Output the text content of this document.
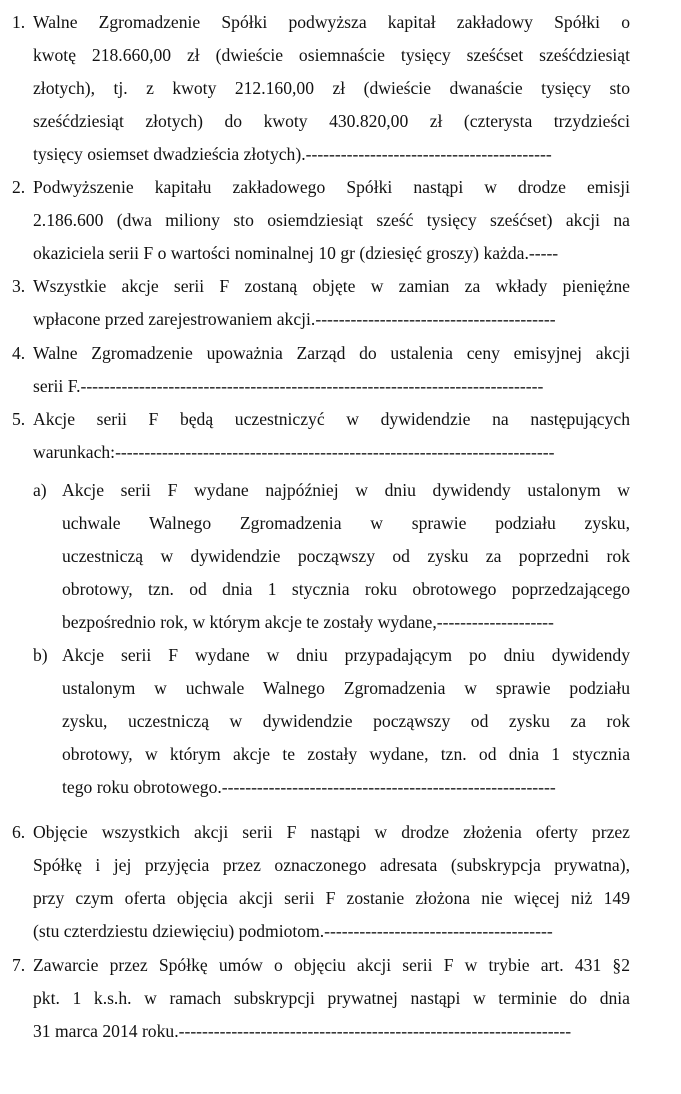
1. Walne Zgromadzenie Spółki podwyższa kapitał zakładowy Spółki o
kwotę 218.660,00 zł (dwieście osiemnaście tysięcy sześćset sześćdziesiąt
złotych), tj. z kwoty 212.160,00 zł (dwieście dwanaście tysięcy sto
sześćdziesiąt złotych) do kwoty 430.820,00 zł (czterysta trzydzieści
tysięcy osiemset dwadzieścia złotych).------------------------------------------
2. Podwyższenie kapitału zakładowego Spółki nastąpi w drodze emisji
2.186.600 (dwa miliony sto osiemdziesiąt sześć tysięcy sześćset) akcji na
okaziciela serii F o wartości nominalnej 10 gr (dziesięć groszy) każda.-----
3. Wszystkie akcje serii F zostaną objęte w zamian za wkłady pieniężne
wpłacone przed zarejestrowaniem akcji.-----------------------------------------
4. Walne Zgromadzenie upoważnia Zarząd do ustalenia ceny emisyjnej akcji
serii F.-------------------------------------------------------------------------------
5. Akcje serii F będą uczestniczyć w dywidendzie na następujących
warunkach:---------------------------------------------------------------------------
a) Akcje serii F wydane najpóźniej w dniu dywidendy ustalonym w
uchwale Walnego Zgromadzenia w sprawie podziału zysku,
uczestniczą w dywidendzie począwszy od zysku za poprzedni rok
obrotowy, tzn. od dnia 1 stycznia roku obrotowego poprzedzającego
bezpośrednio rok, w którym akcje te zostały wydane,--------------------
b) Akcje serii F wydane w dniu przypadającym po dniu dywidendy
ustalonym w uchwale Walnego Zgromadzenia w sprawie podziału
zysku, uczestniczą w dywidendzie począwszy od zysku za rok
obrotowy, w którym akcje te zostały wydane, tzn. od dnia 1 stycznia
tego roku obrotowego.---------------------------------------------------------
6. Objęcie wszystkich akcji serii F nastąpi w drodze złożenia oferty przez
Spółkę i jej przyjęcia przez oznaczonego adresata (subskrypcja prywatna),
przy czym oferta objęcia akcji serii F zostanie złożona nie więcej niż 149
(stu czterdziestu dziewięciu) podmiotom.---------------------------------------
7. Zawarcie przez Spółkę umów o objęciu akcji serii F w trybie art. 431 §2
pkt. 1 k.s.h. w ramach subskrypcji prywatnej nastąpi w terminie do dnia
31 marca 2014 roku.-------------------------------------------------------------------
